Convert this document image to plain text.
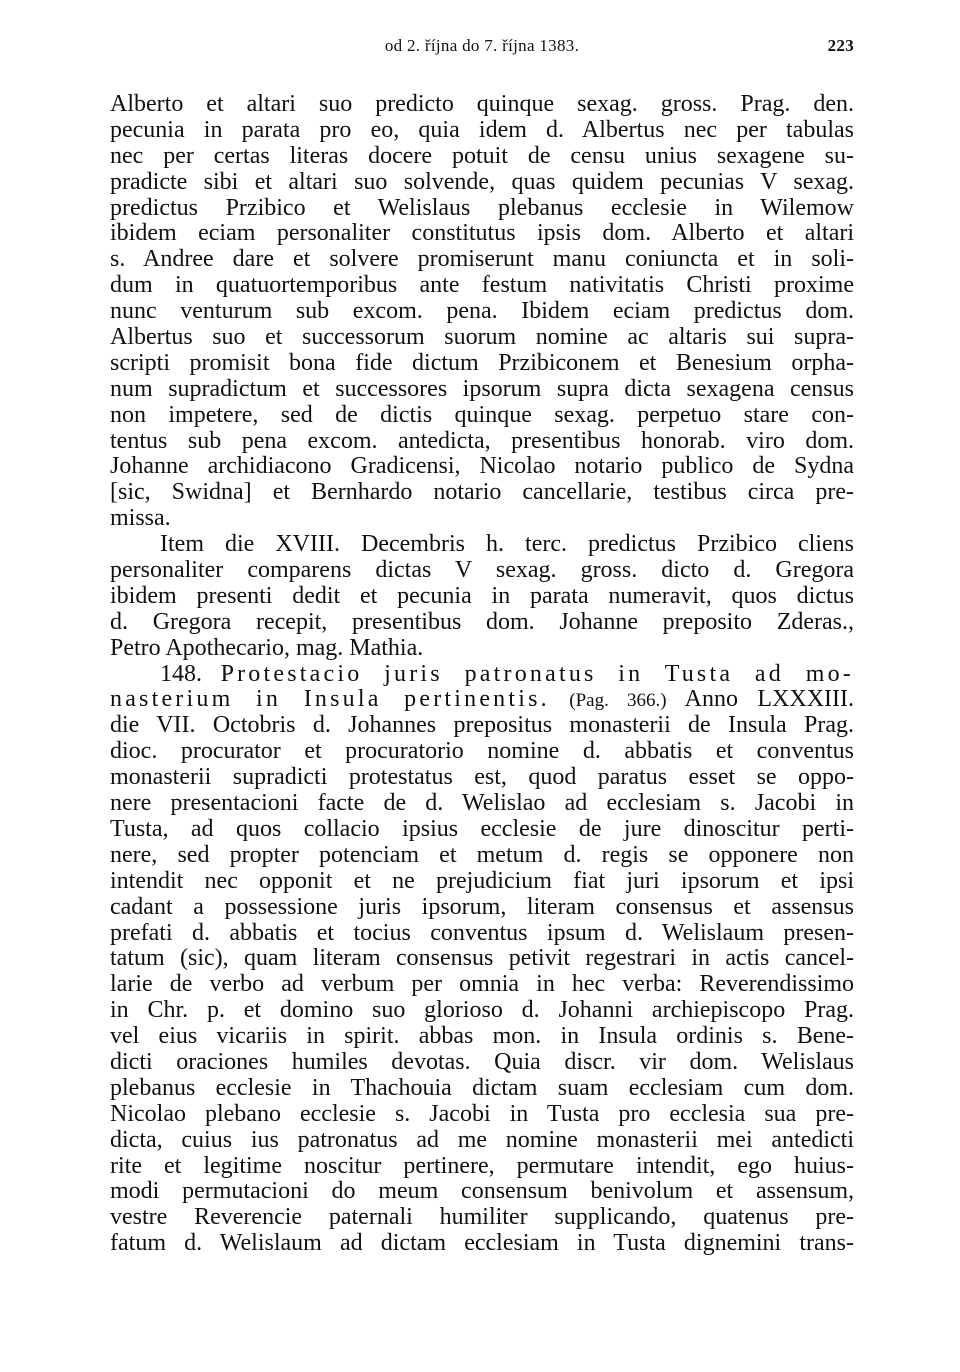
od 2. října do 7. října 1383.	223
Alberto et altari suo predicto quinque sexag. gross. Prag. den.
pecunia in parata pro eo, quia idem d. Albertus nec per tabulas
nec per certas literas docere potuit de censu unius sexagene su-
pradicte sibi et altari suo solvende, quas quidem pecunias V sexag.
predictus Przibico et Welislaus plebanus ecclesie in Wilemow
ibidem eciam personaliter constitutus ipsis dom. Alberto et altari
s. Andree dare et solvere promiserunt manu coniuncta et in soli-
dum in quatuortemporibus ante festum nativitatis Christi proxime
nunc venturum sub excom. pena. Ibidem eciam predictus dom.
Albertus suo et successorum suorum nomine ac altaris sui supra-
scripti promisit bona fide dictum Przibiconem et Benesium orpha-
num supradictum et successores ipsorum supra dicta sexagena census
non impetere, sed de dictis quinque sexag. perpetuo stare con-
tentus sub pena excom. antedicta, presentibus honorab. viro dom.
Johanne archidiacono Gradicensi, Nicolao notario publico de Sydna
[sic, Swidna] et Bernhardo notario cancellarie, testibus circa pre-
missa.
Item die XVIII. Decembris h. terc. predictus Przibico cliens
personaliter comparens dictas V sexag. gross. dicto d. Gregora
ibidem presenti dedit et pecunia in parata numeravit, quos dictus
d. Gregora recepit, presentibus dom. Johanne preposito Zderas.,
Petro Apothecario, mag. Mathia.
148. Protestacio juris patronatus in Tusta ad mo-
nasterium in Insula pertinentis. (Pag. 366.) Anno LXXXIII.
die VII. Octobris d. Johannes prepositus monasterii de Insula Prag.
dioc. procurator et procuratorio nomine d. abbatis et conventus
monasterii supradicti protestatus est, quod paratus esset se oppo-
nere presentacioni facte de d. Welislao ad ecclesiam s. Jacobi in
Tusta, ad quos collacio ipsius ecclesie de jure dinoscitur perti-
nere, sed propter potenciam et metum d. regis se opponere non
intendit nec opponit et ne prejudicium fiat juri ipsorum et ipsi
cadant a possessione juris ipsorum, literam consensus et assensus
prefati d. abbatis et tocius conventus ipsum d. Welislaum presen-
tatum (sic), quam literam consensus petivit regestrari in actis cancel-
larie de verbo ad verbum per omnia in hec verba: Reverendissimo
in Chr. p. et domino suo glorioso d. Johanni archiepiscopo Prag.
vel eius vicariis in spirit. abbas mon. in Insula ordinis s. Bene-
dicti oraciones humiles devotas. Quia discr. vir dom. Welislaus
plebanus ecclesie in Thachouia dictam suam ecclesiam cum dom.
Nicolao plebano ecclesie s. Jacobi in Tusta pro ecclesia sua pre-
dicta, cuius ius patronatus ad me nomine monasterii mei antedicti
rite et legitime noscitur pertinere, permutare intendit, ego huius-
modi permutacioni do meum consensum benivolum et assensum,
vestre Reverencie paternali humiliter supplicando, quatenus pre-
fatum d. Welislaum ad dictam ecclesiam in Tusta dignemini trans-
